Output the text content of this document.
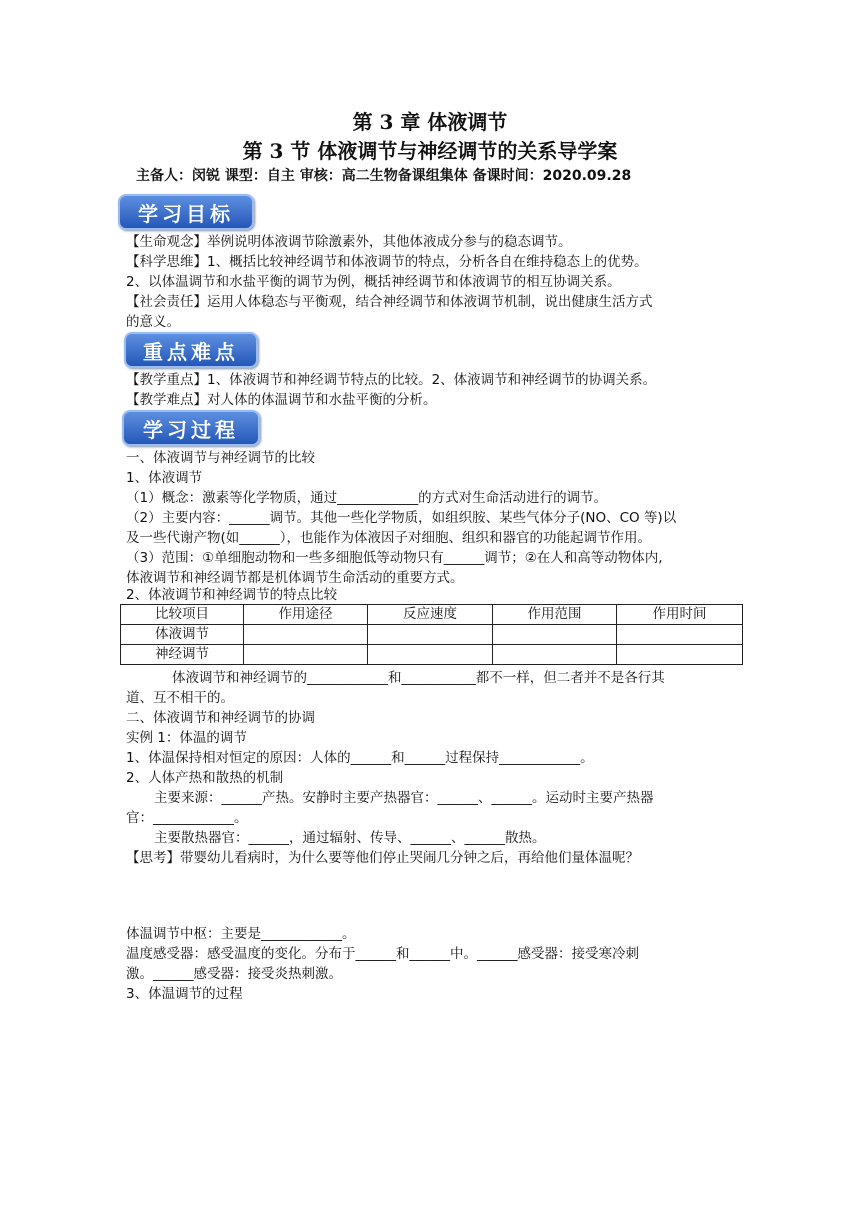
第 3 章 体液调节
第 3 节 体液调节与神经调节的关系导学案
主备人：闵锐 课型：自主 审核：高二生物备课组集体 备课时间：2020.09.28
学习目标
【生命观念】举例说明体液调节除激素外，其他体液成分参与的稳态调节。
【科学思维】1、概括比较神经调节和体液调节的特点，分析各自在维持稳态上的优势。
2、以体温调节和水盐平衡的调节为例，概括神经调节和体液调节的相互协调关系。
【社会责任】运用人体稳态与平衡观，结合神经调节和体液调节机制，说出健康生活方式
的意义。
重点难点
【教学重点】1、体液调节和神经调节特点的比较。2、体液调节和神经调节的协调关系。
【教学难点】对人体的体温调节和水盐平衡的分析。
学习过程
一、体液调节与神经调节的比较
1、体液调节
（1）概念：激素等化学物质，通过____________的方式对生命活动进行的调节。
（2）主要内容：______调节。其他一些化学物质，如组织胺、某些气体分子(NO、CO 等)以
及一些代谢产物(如______），也能作为体液因子对细胞、组织和器官的功能起调节作用。
（3）范围：①单细胞动物和一些多细胞低等动物只有______调节；②在人和高等动物体内,
体液调节和神经调节都是机体调节生命活动的重要方式。
2、体液调节和神经调节的特点比较
比较项目	作用途径	反应速度	作用范围	作用时间
体液调节				
神经调节				
体液调节和神经调节的____________和___________都不一样，但二者并不是各行其
道、互不相干的。
二、体液调节和神经调节的协调
实例 1：体温的调节
1、体温保持相对恒定的原因：人体的______和______过程保持____________。
2、人体产热和散热的机制
主要来源：______产热。安静时主要产热器官：______、______。运动时主要产热器
官：____________。
主要散热器官：______，通过辐射、传导、______、______散热。
【思考】带婴幼儿看病时，为什么要等他们停止哭闹几分钟之后，再给他们量体温呢？
体温调节中枢：主要是____________。
温度感受器：感受温度的变化。分布于______和______中。______感受器：接受寒冷刺
激。______感受器：接受炎热刺激。
3、体温调节的过程
